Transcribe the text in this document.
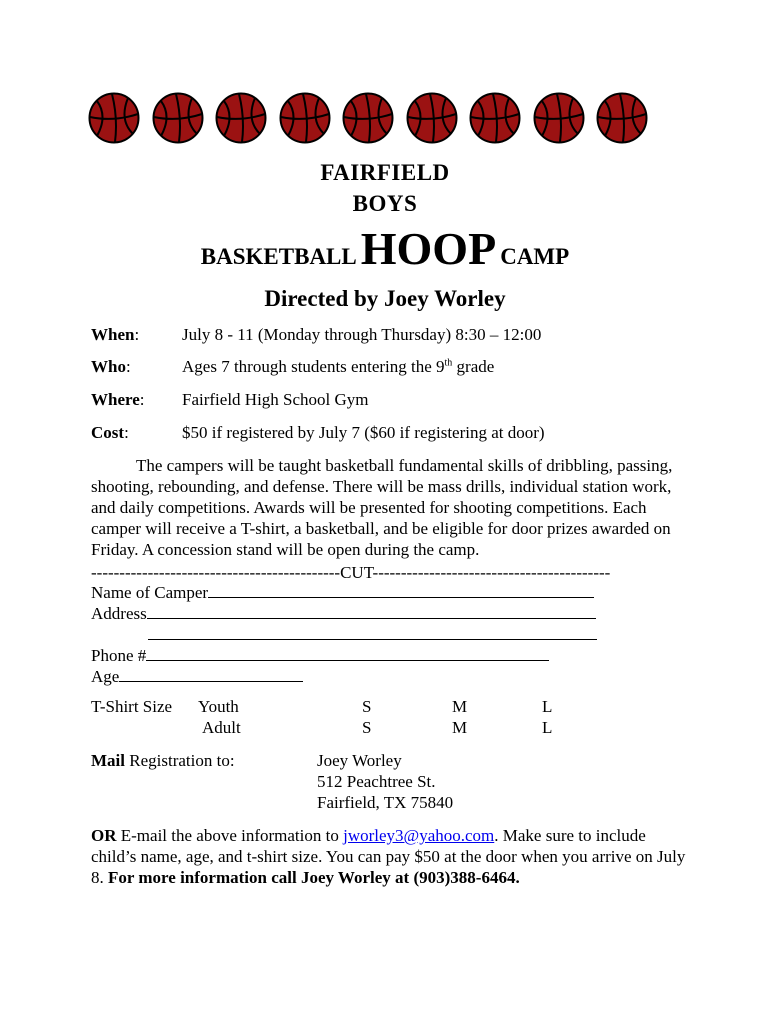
FAIRFIELD
BOYS
BASKETBALL HOOP CAMP
Directed by Joey Worley
When:	July 8 - 11 (Monday through Thursday) 8:30 – 12:00
Who:	Ages 7 through students entering the 9th grade
Where: Fairfield High School Gym
Cost:	$50 if registered by July 7 ($60 if registering at door)
The campers will be taught basketball fundamental skills of dribbling, passing, shooting, rebounding, and defense. There will be mass drills, individual station work, and daily competitions. Awards will be presented for shooting competitions. Each camper will receive a T-shirt, a basketball, and be eligible for door prizes awarded on Friday. A concession stand will be open during the camp.
--------------------------------------------CUT------------------------------------------
Name of Camper
Address
Phone #
Age
T-Shirt Size Youth	S	M	L
Adult	S	M	L
Mail Registration to:	Joey Worley
512 Peachtree St.
Fairfield, TX 75840
OR E-mail the above information to jworley3@yahoo.com. Make sure to include child’s name, age, and t-shirt size. You can pay $50 at the door when you arrive on July 8. For more information call Joey Worley at (903)388-6464.
